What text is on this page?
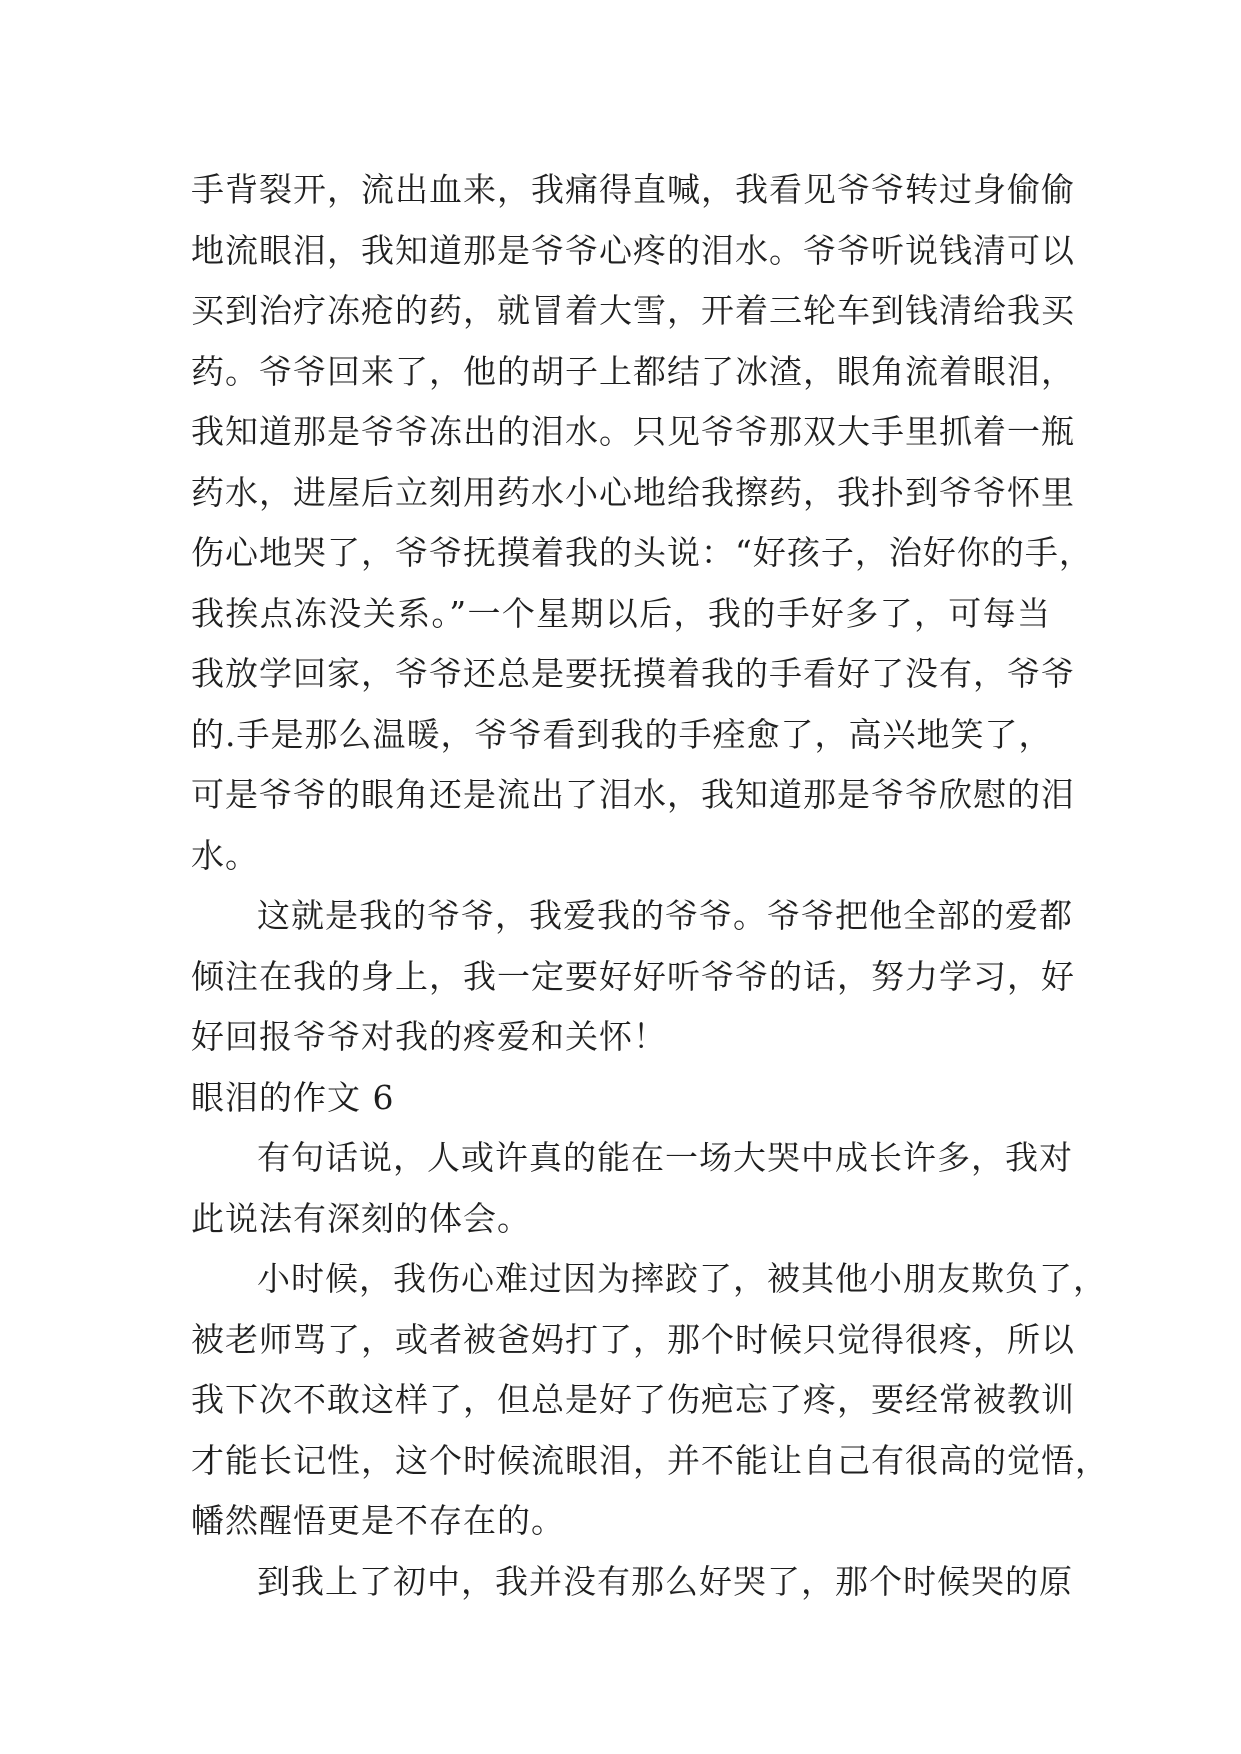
手背裂开，流出血来，我痛得直喊，我看见爷爷转过身偷偷
地流眼泪，我知道那是爷爷心疼的泪水。爷爷听说钱清可以
买到治疗冻疮的药，就冒着大雪，开着三轮车到钱清给我买
药。爷爷回来了，他的胡子上都结了冰渣，眼角流着眼泪，
我知道那是爷爷冻出的泪水。只见爷爷那双大手里抓着一瓶
药水，进屋后立刻用药水小心地给我擦药，我扑到爷爷怀里
伤心地哭了，爷爷抚摸着我的头说：“好孩子，治好你的手，
我挨点冻没关系。”一个星期以后，我的手好多了，可每当
我放学回家，爷爷还总是要抚摸着我的手看好了没有，爷爷
的.手是那么温暖，爷爷看到我的手痊愈了，高兴地笑了，
可是爷爷的眼角还是流出了泪水，我知道那是爷爷欣慰的泪
水。
这就是我的爷爷，我爱我的爷爷。爷爷把他全部的爱都
倾注在我的身上，我一定要好好听爷爷的话，努力学习，好
好回报爷爷对我的疼爱和关怀！
眼泪的作文 6
有句话说，人或许真的能在一场大哭中成长许多，我对
此说法有深刻的体会。
小时候，我伤心难过因为摔跤了，被其他小朋友欺负了，
被老师骂了，或者被爸妈打了，那个时候只觉得很疼，所以
我下次不敢这样了，但总是好了伤疤忘了疼，要经常被教训
才能长记性，这个时候流眼泪，并不能让自己有很高的觉悟，
幡然醒悟更是不存在的。
到我上了初中，我并没有那么好哭了，那个时候哭的原
